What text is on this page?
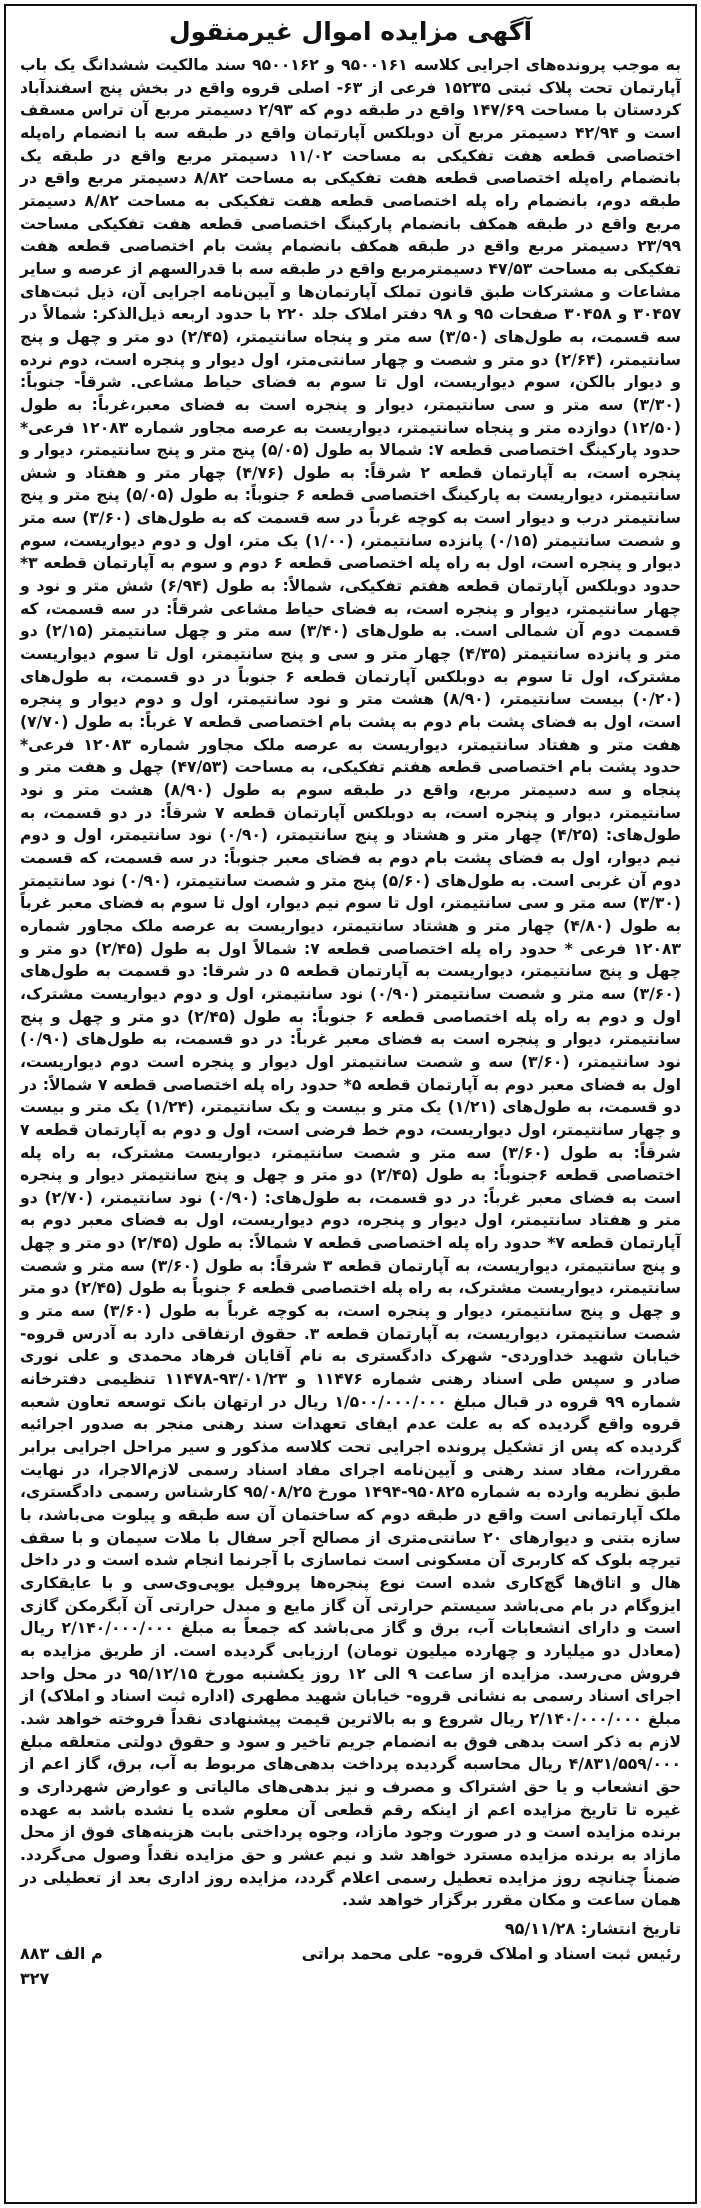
آگهی مزایده اموال غیرمنقول

به موجب پرونده‌های اجرایی کلاسه ۹۵۰۰۱۶۱ و ۹۵۰۰۱۶۲ سند مالکیت ششدانگ یک باب آپارتمان تحت پلاک ثبتی ۱۵۲۳۵ فرعی از ۶۳- اصلی قروه واقع در بخش پنج اسفندآباد کردستان با مساحت ۱۴۷/۶۹ واقع در طبقه دوم که ۲/۹۳ دسیمتر مربع آن تراس مسقف است و ۴۲/۹۴ دسیمتر مربع آن دوبلکس آپارتمان واقع در طبقه سه با انضمام راه‌پله اختصاصی قطعه هفت تفکیکی به مساحت ۱۱/۰۲ دسیمتر مربع واقع در طبقه یک بانضمام راه‌پله اختصاصی قطعه هفت تفکیکی به مساحت ۸/۸۲ دسیمتر مربع واقع در طبقه دوم، بانضمام راه پله اختصاصی قطعه هفت تفکیکی به مساحت ۸/۸۲ دسیمتر مربع واقع در طبقه همکف بانضمام پارکینگ اختصاصی قطعه هفت تفکیکی مساحت ۲۳/۹۹ دسیمتر مربع واقع در طبقه همکف بانضمام پشت بام اختصاصی قطعه هفت تفکیکی به مساحت ۴۷/۵۳ دسیمترمربع واقع در طبقه سه با قدرالسهم از عرصه و سایر مشاعات و مشترکات طبق قانون تملک آپارتمان‌ها و آیین‌نامه اجرایی آن، ذیل ثبت‌های ۳۰۴۵۷ و ۳۰۴۵۸ صفحات ۹۵ و ۹۸ دفتر املاک جلد ۲۲۰ با حدود اربعه ذیل‌الذکر: شمالاً در سه قسمت، به طول‌های (۳/۵۰) سه متر و پنجاه سانتیمتر، (۲/۴۵) دو متر و چهل و پنج سانتیمتر، (۲/۶۴) دو متر و شصت و چهار سانتی‌متر، اول دیوار و پنجره است، دوم نرده و دیوار بالکن، سوم دیواریست، اول تا سوم به فضای حیاط مشاعی. شرقاً- جنوباً: (۳/۳۰) سه متر و سی سانتیمتر، دیوار و پنجره است به فضای معبر،غرباً: به طول (۱۲/۵۰) دوازده متر و پنجاه سانتیمتر، دیواریست به عرصه مجاور شماره ۱۲۰۸۳ فرعی* حدود پارکینگ اختصاصی قطعه ۷: شمالا به طول (۵/۰۵) پنج متر و پنج سانتیمتر، دیوار و پنجره است، به آپارتمان قطعه ۲ شرقاً: به طول (۴/۷۶) چهار متر و هفتاد و شش سانتیمتر، دیواریست به پارکینگ اختصاصی قطعه ۶ جنوباً: به طول (۵/۰۵) پنج متر و پنج سانتیمتر درب و دیوار است به کوچه غرباً در سه قسمت که به طول‌های (۳/۶۰) سه متر و شصت سانتیمتر (۰/۱۵) پانزده سانتیمتر، (۱/۰۰) یک متر، اول و دوم دیواریست، سوم دیوار و پنجره است، اول به راه پله اختصاصی قطعه ۶ دوم و سوم به آپارتمان قطعه ۳* حدود دوبلکس آپارتمان قطعه هفتم تفکیکی، شمالاً: به طول (۶/۹۴) شش متر و نود و چهار سانتیمتر، دیوار و پنجره است، به فضای حیاط مشاعی شرقاً: در سه قسمت، که قسمت دوم آن شمالی است. به طول‌های (۳/۴۰) سه متر و چهل سانتیمتر (۲/۱۵) دو متر و پانزده سانتیمتر (۴/۳۵) چهار متر و سی و پنج سانتیمتر، اول تا سوم دیواریست مشترک، اول تا سوم به دوبلکس آپارتمان قطعه ۶ جنوباً در دو قسمت، به طول‌های (۰/۲۰) بیست سانتیمتر، (۸/۹۰) هشت متر و نود سانتیمتر، اول و دوم دیوار و پنجره است، اول به فضای پشت بام دوم به پشت بام اختصاصی قطعه ۷ غرباً: به طول (۷/۷۰) هفت متر و هفتاد سانتیمتر، دیواریست به عرصه ملک مجاور شماره ۱۲۰۸۳ فرعی* حدود پشت بام اختصاصی قطعه هفتم تفکیکی، به مساحت (۴۷/۵۳) چهل و هفت متر و پنجاه و سه دسیمتر مربع، واقع در طبقه سوم به طول (۸/۹۰) هشت متر و نود سانتیمتر، دیوار و پنجره است، به دوبلکس آپارتمان قطعه ۷ شرقاً: در دو قسمت، به طول‌های: (۴/۲۵) چهار متر و هشتاد و پنج سانتیمتر، (۰/۹۰) نود سانتیمتر، اول و دوم نیم دیوار، اول به فضای پشت بام دوم به فضای معبر جنوباً: در سه قسمت، که قسمت دوم آن غربی است. به طول‌های (۵/۶۰) پنج متر و شصت سانتیمتر، (۰/۹۰) نود سانتیمتر (۳/۳۰) سه متر و سی سانتیمتر، اول تا سوم نیم دیوار، اول تا سوم به فضای معبر غرباً به طول (۴/۸۰) چهار متر و هشتاد سانتیمتر، دیواریست به عرصه ملک مجاور شماره ۱۲۰۸۳ فرعی * حدود راه پله اختصاصی قطعه ۷: شمالاً اول به طول (۲/۴۵) دو متر و چهل و پنج سانتیمتر، دیواریست به آپارتمان قطعه ۵ در شرقا: دو قسمت به طول‌های (۳/۶۰) سه متر و شصت سانتیمتر (۰/۹۰) نود سانتیمتر، اول و دوم دیواریست مشترک، اول و دوم به راه پله اختصاصی قطعه ۶ جنوباً: به طول (۲/۴۵) دو متر و چهل و پنج سانتیمتر، دیوار و پنجره است به فضای معبر غرباً: در دو قسمت، به طول‌های (۰/۹۰) نود سانتیمتر، (۳/۶۰) سه و شصت سانتیمتر اول دیوار و پنجره است دوم دیواریست، اول به فضای معبر دوم به آپارتمان قطعه ۵* حدود راه پله اختصاصی قطعه ۷ شمالاً: در دو قسمت، به طول‌های (۱/۲۱) یک متر و بیست و یک سانتیمتر، (۱/۲۴) یک متر و بیست و چهار سانتیمتر، اول دیواریست، دوم خط فرضی است، اول و دوم به آپارتمان قطعه ۷ شرقاً: به طول (۳/۶۰) سه متر و شصت سانتیمتر، دیواریست مشترک، به راه پله اختصاصی قطعه ۶جنوباً: به طول (۲/۴۵) دو متر و چهل و پنج سانتیمتر دیوار و پنجره است به فضای معبر غرباً: در دو قسمت، به طول‌های: (۰/۹۰) نود سانتیمتر، (۲/۷۰) دو متر و هفتاد سانتیمتر، اول دیوار و پنجره، دوم دیواریست، اول به فضای معبر دوم به آپارتمان قطعه ۷* حدود راه پله اختصاصی قطعه ۷ شمالاً: به طول (۲/۴۵) دو متر و چهل و پنج سانتیمتر، دیواریست، به آپارتمان قطعه ۳ شرقاً: به طول (۳/۶۰) سه متر و شصت سانتیمتر، دیواریست مشترک، به راه پله اختصاصی قطعه ۶ جنوباً به طول (۲/۴۵) دو متر و چهل و پنج سانتیمتر، دیوار و پنجره است، به کوچه غرباً به طول (۳/۶۰) سه متر و شصت سانتیمتر، دیواریست، به آپارتمان قطعه ۳. حقوق ارتفاقی دارد به آدرس قروه- خیابان شهید خداوردی- شهرک دادگستری به نام آقایان فرهاد محمدی و علی نوری صادر و سپس طی اسناد رهنی شماره ۱۱۴۷۶ و ۹۳/۰۱/۲۳-۱۱۴۷۸ تنظیمی دفترخانه شماره ۹۹ قروه در قبال مبلغ ۱/۵۰۰/۰۰۰/۰۰۰ ریال در ارتهان بانک توسعه تعاون شعبه قروه واقع گردیده که به علت عدم ایفای تعهدات سند رهنی منجر به صدور اجرائیه گردیده که پس از تشکیل پرونده اجرایی تحت کلاسه مذکور و سیر مراحل اجرایی برابر مقررات، مفاد سند رهنی و آیین‌نامه اجرای مفاد اسناد رسمی لازم‌الاجرا، در نهایت طبق نظریه وارده به شماره ۹۵۰۸۲۵-۱۴۹۴ مورخ ۹۵/۰۸/۲۵ کارشناس رسمی دادگستری، ملک آپارتمانی است واقع در طبقه دوم که ساختمان آن سه طبقه و پیلوت می‌باشد، با سازه بتنی و دیوارهای ۲۰ سانتی‌متری از مصالح آجر سفال با ملات سیمان و با سقف تیرچه بلوک که کاربری آن مسکونی است نماسازی با آجرنما انجام شده است و در داخل هال و اتاق‌ها گچ‌کاری شده است نوع پنجره‌ها پروفیل یوپی‌وی‌سی و با عایقکاری ایزوگام در بام می‌باشد سیستم حرارتی آن گاز مایع و مبدل حرارتی آن آبگرمکن گازی است و دارای انشعابات آب، برق و گاز می‌باشد که جمعاً به مبلغ ۲/۱۴۰/۰۰۰/۰۰۰ ریال (معادل دو میلیارد و چهارده میلیون تومان) ارزیابی گردیده است. از طریق مزایده به فروش می‌رسد. مزایده از ساعت ۹ الی ۱۲ روز یکشنبه مورخ ۹۵/۱۲/۱۵ در محل واحد اجرای اسناد رسمی به نشانی قروه- خیابان شهید مطهری (اداره ثبت اسناد و املاک) از مبلغ ۲/۱۴۰/۰۰۰/۰۰۰ ریال شروع و به بالاترین قیمت پیشنهادی نقداً فروخته خواهد شد. لازم به ذکر است بدهی فوق به انضمام جریم تاخیر و سود و حقوق دولتی متعلقه مبلغ ۴/۸۳۱/۵۵۹/۰۰۰ ریال محاسبه گردیده پرداخت بدهی‌های مربوط به آب، برق، گاز اعم از حق انشعاب و یا حق اشتراک و مصرف و نیز بدهی‌های مالیاتی و عوارض شهرداری و غیره تا تاریخ مزایده اعم از اینکه رقم قطعی آن معلوم شده یا نشده باشد به عهده برنده مزایده است و در صورت وجود مازاد، وجوه پرداختی بابت هزینه‌های فوق از محل مازاد به برنده مزایده مسترد خواهد شد و نیم عشر و حق مزایده نقداً وصول می‌گردد. ضمناً چنانچه روز مزایده تعطیل رسمی اعلام گردد، مزایده روز اداری بعد از تعطیلی در همان ساعت و مکان مقرر برگزار خواهد شد.

تاریخ انتشار: ۹۵/۱۱/۲۸
رئیس ثبت اسناد و املاک قروه- علی محمد براتی
م الف ۸۸۳
۳۲۷
